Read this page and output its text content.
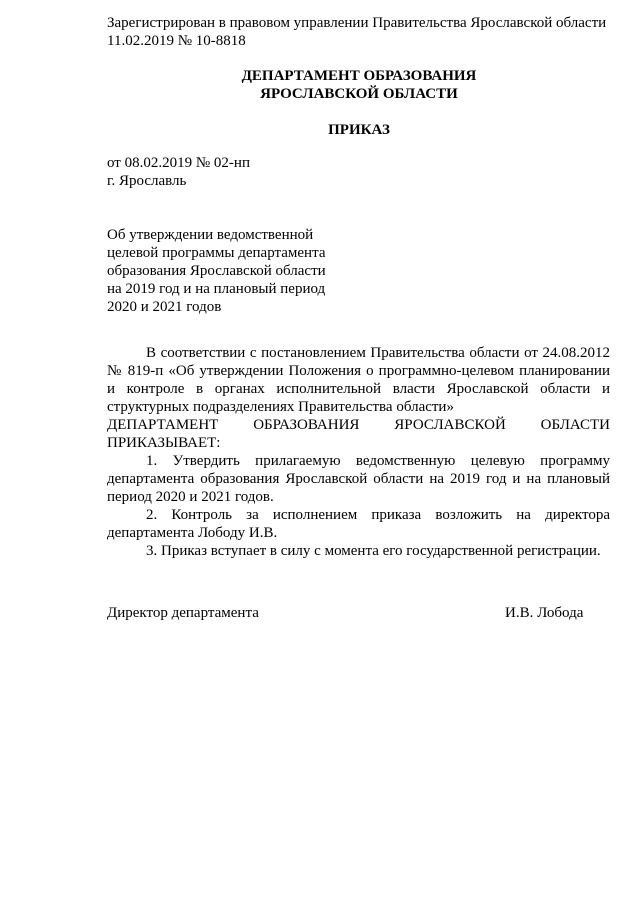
Зарегистрирован в правовом управлении Правительства Ярославской области
11.02.2019 № 10-8818
ДЕПАРТАМЕНТ ОБРАЗОВАНИЯ
ЯРОСЛАВСКОЙ ОБЛАСТИ
ПРИКАЗ
от 08.02.2019 № 02-нп
г. Ярославль
Об утверждении ведомственной
целевой программы департамента
образования Ярославской области
на 2019 год и на плановый период
2020 и 2021 годов

В соответствии с постановлением Правительства области от 24.08.2012 № 819-п «Об утверждении Положения о программно-целевом планировании и контроле в органах исполнительной власти Ярославской области и структурных подразделениях Правительства области»

ДЕПАРТАМЕНТ ОБРАЗОВАНИЯ ЯРОСЛАВСКОЙ ОБЛАСТИ

ПРИКАЗЫВАЕТ:

1. Утвердить прилагаемую ведомственную целевую программу департамента образования Ярославской области на 2019 год и на плановый период 2020 и 2021 годов.

2. Контроль за исполнением приказа возложить на директора департамента Лободу И.В.

3. Приказ вступает в силу с момента его государственной регистрации.

Директор департамента	И.В. Лобода
